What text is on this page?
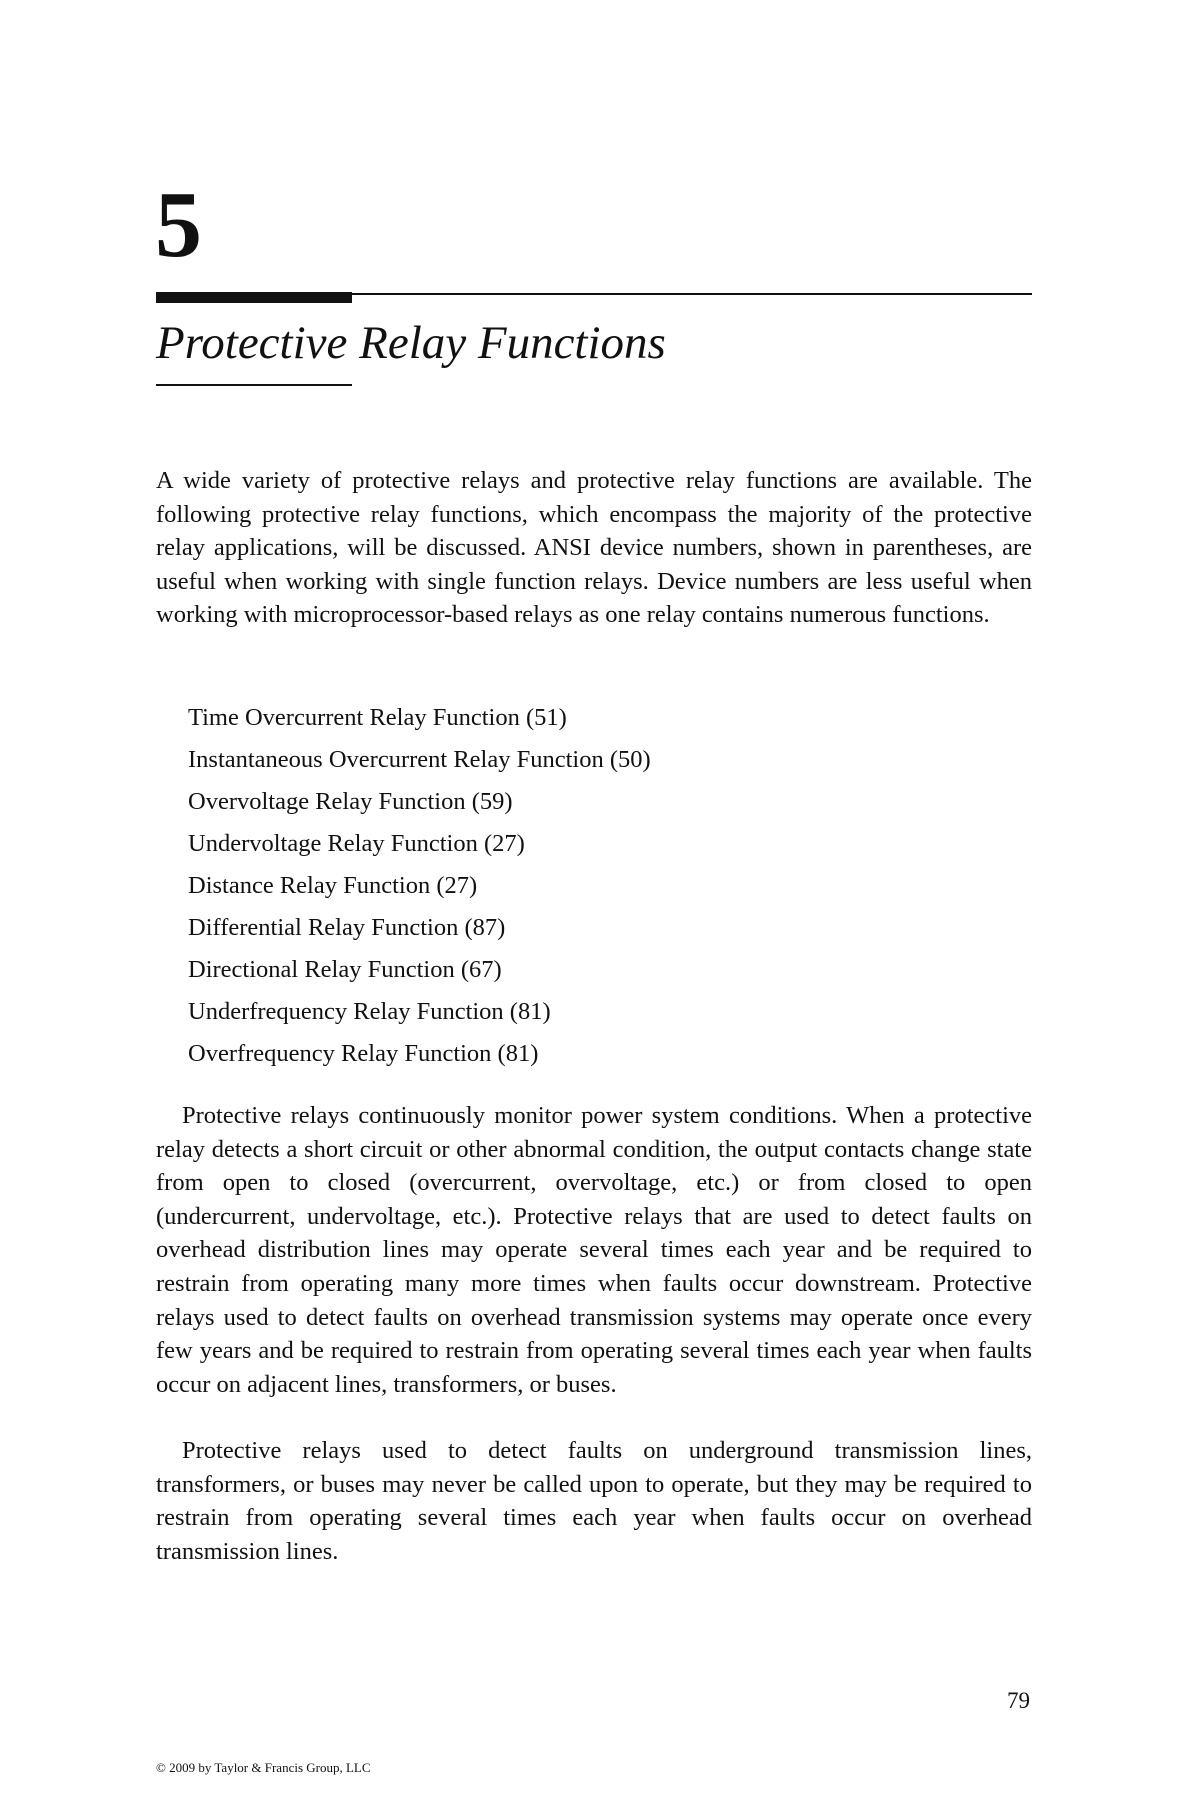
5
Protective Relay Functions

A wide variety of protective relays and protective relay functions are available. The following protective relay functions, which encompass the majority of the protective relay applications, will be discussed. ANSI device numbers, shown in parentheses, are useful when working with single function relays. Device numbers are less useful when working with microprocessor-based relays as one relay contains numerous functions.

Time Overcurrent Relay Function (51)
Instantaneous Overcurrent Relay Function (50)
Overvoltage Relay Function (59)
Undervoltage Relay Function (27)
Distance Relay Function (27)
Differential Relay Function (87)
Directional Relay Function (67)
Underfrequency Relay Function (81)
Overfrequency Relay Function (81)

Protective relays continuously monitor power system conditions. When a protective relay detects a short circuit or other abnormal condition, the output contacts change state from open to closed (overcurrent, overvoltage, etc.) or from closed to open (undercurrent, undervoltage, etc.). Protective relays that are used to detect faults on overhead distribution lines may operate several times each year and be required to restrain from operating many more times when faults occur downstream. Protective relays used to detect faults on overhead transmission systems may operate once every few years and be required to restrain from operating several times each year when faults occur on adjacent lines, transformers, or buses.

Protective relays used to detect faults on underground transmission lines, transformers, or buses may never be called upon to operate, but they may be required to restrain from operating several times each year when faults occur on overhead transmission lines.

79
© 2009 by Taylor & Francis Group, LLC
